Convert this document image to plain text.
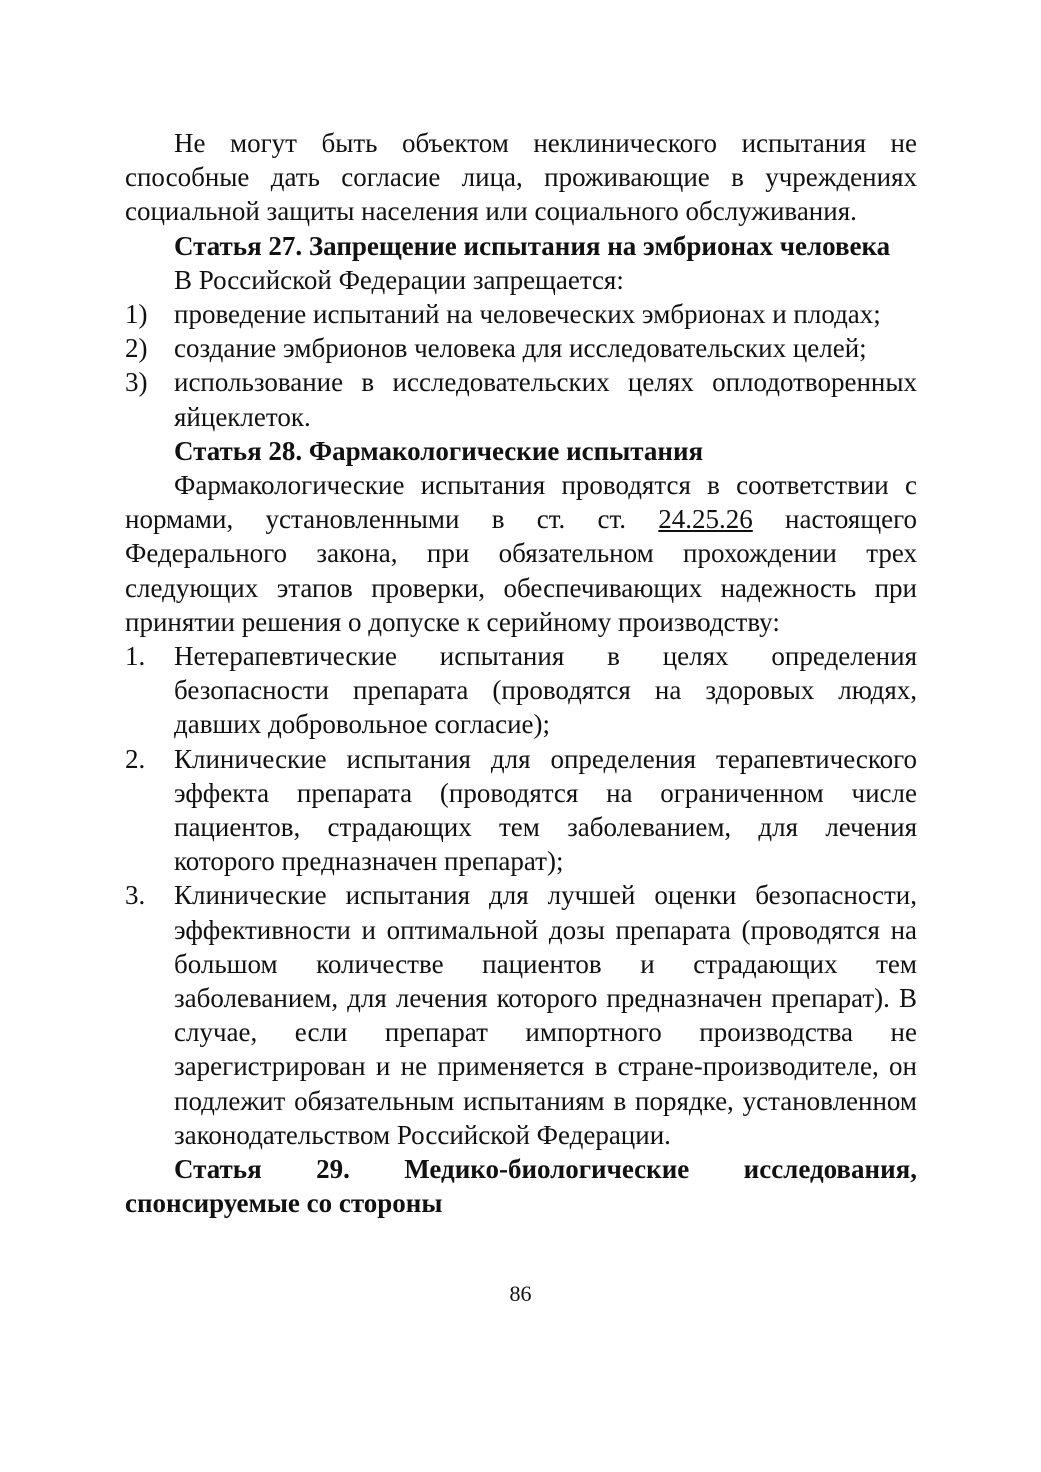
Не могут быть объектом неклинического испытания не способные дать согласие лица, проживающие в учреждениях социальной защиты населения или социального обслуживания.

Статья 27. Запрещение испытания на эмбрионах человека

В Российской Федерации запрещается:

1) проведение испытаний на человеческих эмбрионах и плодах;
2) создание эмбрионов человека для исследовательских целей;
3) использование в исследовательских целях оплодотворенных яйцеклеток.

Статья 28. Фармакологические испытания

Фармакологические испытания проводятся в соответствии с нормами, установленными в ст. ст. 24.25.26 настоящего Федерального закона, при обязательном прохождении трех следующих этапов проверки, обеспечивающих надежность при принятии решения о допуске к серийному производству:

1. Нетерапевтические испытания в целях определения безопасности препарата (проводятся на здоровых людях, давших добровольное согласие);
2. Клинические испытания для определения терапевтического эффекта препарата (проводятся на ограниченном числе пациентов, страдающих тем заболеванием, для лечения которого предназначен препарат);
3. Клинические испытания для лучшей оценки безопасности, эффективности и оптимальной дозы препарата (проводятся на большом количестве пациентов и страдающих тем заболеванием, для лечения которого предназначен препарат). В случае, если препарат импортного производства не зарегистрирован и не применяется в стране-производителе, он подлежит обязательным испытаниям в порядке, установленном законодательством Российской Федерации.

Статья 29. Медико-биологические исследования, спонсируемые со стороны

86
